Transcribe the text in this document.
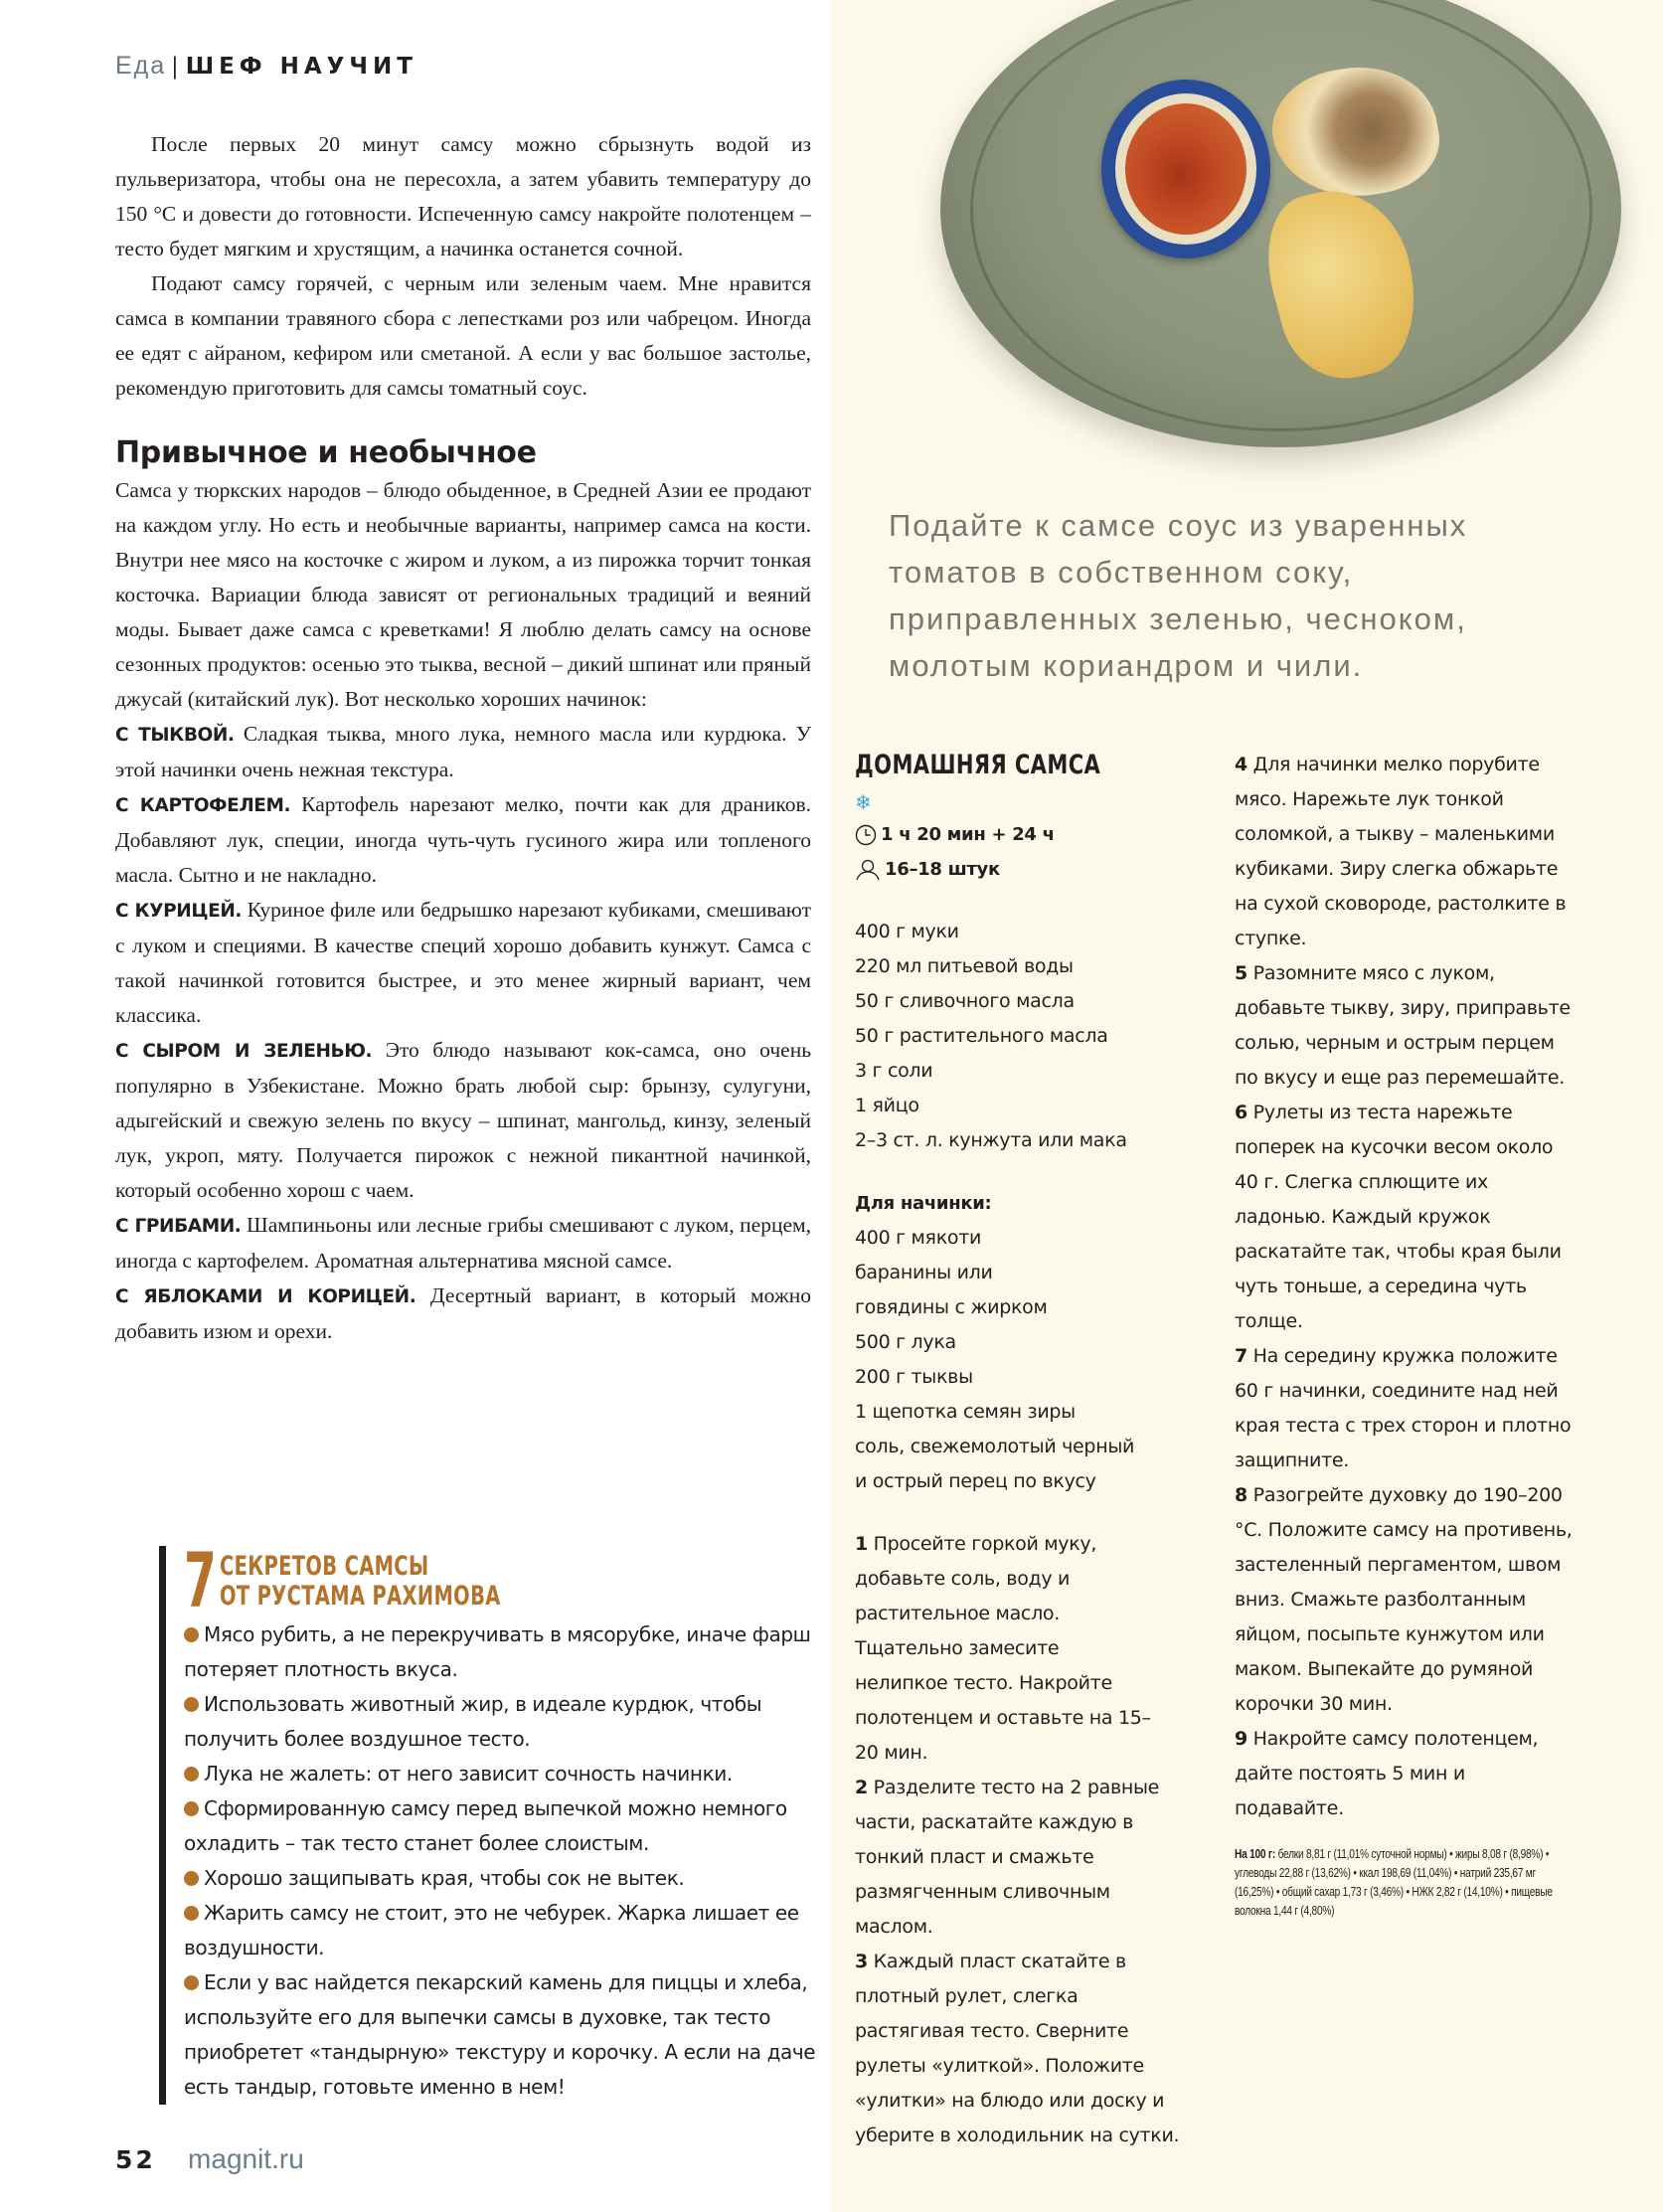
Еда | ШЕФ НАУЧИТ

После первых 20 минут самсу можно сбрызнуть водой из пульверизатора, чтобы она не пересохла, а затем убавить температуру до 150 °С и довести до готовности. Испеченную самсу накройте полотенцем – тесто будет мягким и хрустящим, а начинка останется сочной.

Подают самсу горячей, с черным или зеленым чаем. Мне нравится самса в компании травяного сбора с лепестками роз или чабрецом. Иногда ее едят с айраном, кефиром или сметаной. А если у вас большое застолье, рекомендую приготовить для самсы томатный соус.

Привычное и необычное

Самса у тюркских народов – блюдо обыденное, в Средней Азии ее продают на каждом углу. Но есть и необычные варианты, например самса на кости. Внутри нее мясо на косточке с жиром и луком, а из пирожка торчит тонкая косточка. Вариации блюда зависят от региональных традиций и веяний моды. Бывает даже самса с креветками! Я люблю делать самсу на основе сезонных продуктов: осенью это тыква, весной – дикий шпинат или пряный джусай (китайский лук). Вот несколько хороших начинок:

С ТЫКВОЙ. Сладкая тыква, много лука, немного масла или курдюка. У этой начинки очень нежная текстура.

С КАРТОФЕЛЕМ. Картофель нарезают мелко, почти как для драников. Добавляют лук, специи, иногда чуть-чуть гусиного жира или топленого масла. Сытно и не накладно.

С КУРИЦЕЙ. Куриное филе или бедрышко нарезают кубиками, смешивают с луком и специями. В качестве специй хорошо добавить кунжут. Самса с такой начинкой готовится быстрее, и это менее жирный вариант, чем классика.

С СЫРОМ И ЗЕЛЕНЬЮ. Это блюдо называют кок-самса, оно очень популярно в Узбекистане. Можно брать любой сыр: брынзу, сулугуни, адыгейский и свежую зелень по вкусу – шпинат, мангольд, кинзу, зеленый лук, укроп, мяту. Получается пирожок с нежной пикантной начинкой, который особенно хорош с чаем.

С ГРИБАМИ. Шампиньоны или лесные грибы смешивают с луком, перцем, иногда с картофелем. Ароматная альтернатива мясной самсе.

С ЯБЛОКАМИ И КОРИЦЕЙ. Десертный вариант, в который можно добавить изюм и орехи.

7 СЕКРЕТОВ САМСЫ
ОТ РУСТАМА РАХИМОВА
Мясо рубить, а не перекручивать в мясорубке, иначе фарш потеряет плотность вкуса.
Использовать животный жир, в идеале курдюк, чтобы получить более воздушное тесто.
Лука не жалеть: от него зависит сочность начинки.
Сформированную самсу перед выпечкой можно немного охладить – так тесто станет более слоистым.
Хорошо защипывать края, чтобы сок не вытек.
Жарить самсу не стоит, это не чебурек. Жарка лишает ее воздушности.
Если у вас найдется пекарский камень для пиццы и хлеба, используйте его для выпечки самсы в духовке, так тесто приобретет «тандырную» текстуру и корочку. А если на даче есть тандыр, готовьте именно в нем!
52 magnit.ru
Подайте к самсе соус из уваренных томатов в собственном соку, приправленных зеленью, чесноком, молотым кориандром и чили.
ДОМАШНЯЯ САМСА
❄
1 ч 20 мин + 24 ч
16–18 штук
400 г муки
220 мл питьевой воды
50 г сливочного масла
50 г растительного масла
3 г соли
1 яйцо
2–3 ст. л. кунжута или мака
Для начинки:
400 г мякоти баранины или говядины с жирком
500 г лука
200 г тыквы
1 щепотка семян зиры
соль, свежемолотый черный и острый перец по вкусу
1 Просейте горкой муку, добавьте соль, воду и растительное масло. Тщательно замесите нелипкое тесто. Накройте полотенцем и оставьте на 15–20 мин.
2 Разделите тесто на 2 равные части, раскатайте каждую в тонкий пласт и смажьте размягченным сливочным маслом.
3 Каждый пласт скатайте в плотный рулет, слегка растягивая тесто. Сверните рулеты «улиткой». Положите «улитки» на блюдо или доску и уберите в холодильник на сутки.
4 Для начинки мелко порубите мясо. Нарежьте лук тонкой соломкой, а тыкву – маленькими кубиками. Зиру слегка обжарьте на сухой сковороде, растолките в ступке.
5 Разомните мясо с луком, добавьте тыкву, зиру, приправьте солью, черным и острым перцем по вкусу и еще раз перемешайте.
6 Рулеты из теста нарежьте поперек на кусочки весом около 40 г. Слегка сплющите их ладонью. Каждый кружок раскатайте так, чтобы края были чуть тоньше, а середина чуть толще.
7 На середину кружка положите 60 г начинки, соедините над ней края теста с трех сторон и плотно защипните.
8 Разогрейте духовку до 190–200 °С. Положите самсу на противень, застеленный пергаментом, швом вниз. Смажьте разболтанным яйцом, посыпьте кунжутом или маком. Выпекайте до румяной корочки 30 мин.
9 Накройте самсу полотенцем, дайте постоять 5 мин и подавайте.
На 100 г: белки 8,81 г (11,01% суточной нормы) • жиры 8,08 г (8,98%) • углеводы 22,88 г (13,62%) • ккал 198,69 (11,04%) • натрий 235,67 мг (16,25%) • общий сахар 1,73 г (3,46%) • НЖК 2,82 г (14,10%) • пищевые волокна 1,44 г (4,80%)
